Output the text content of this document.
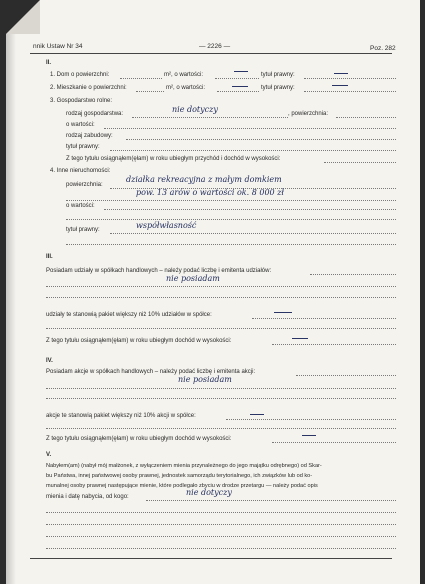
nnik Ustaw Nr 34	— 2226 —	Poz. 282
II.
1. Dom o powierzchni:	m², o wartości:	tytuł prawny:
2. Mieszkanie o powierzchni:	m², o wartości:	tytuł prawny:
3. Gospodarstwo rolne:
rodzaj gospodarstwa:	nie dotyczy	, powierzchnia:
o wartości:
rodzaj zabudowy:
tytuł prawny:
Z tego tytułu osiągnąłem(ęłam) w roku ubiegłym przychód i dochód w wysokości:
4. Inne nieruchomości:
powierzchnia:
działka rekreacyjna z małym domkiem
pow. 13 arów o wartości ok. 8 000 zł
o wartości:
tytuł prawny:	współwłasność
III.
Posiadam udziały w spółkach handlowych – należy podać liczbę i emitenta udziałów:
nie posiadam
udziały te stanowią pakiet większy niż 10% udziałów w spółce:
Z tego tytułu osiągnąłem(ęłam) w roku ubiegłym dochód w wysokości:
IV.
Posiadam akcje w spółkach handlowych – należy podać liczbę i emitenta akcji:
nie posiadam
akcje te stanowią pakiet większy niż 10% akcji w spółce:
Z tego tytułu osiągnąłem(ęłam) w roku ubiegłym dochód w wysokości:
V.
Nabyłem(am) (nabył mój małżonek, z wyłączeniem mienia przynależnego do jego majątku odrębnego) od Skar-
bu Państwa, innej państwowej osoby prawnej, jednostek samorządu terytorialnego, ich związków lub od ko-
munalnej osoby prawnej następujące mienie, które podlegało zbyciu w drodze przetargu — należy podać opis
mienia i datę nabycia, od kogo:	nie dotyczy
